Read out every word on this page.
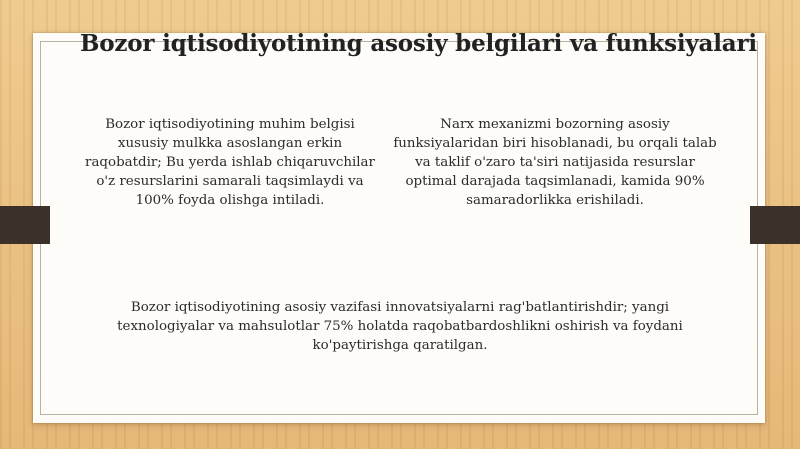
Bozor iqtisodiyotining asosiy belgilari va funksiyalari

Bozor iqtisodiyotining muhim belgisi xususiy mulkka asoslangan erkin raqobatdir; Bu yerda ishlab chiqaruvchilar o'z resurslarini samarali taqsimlaydi va 100% foyda olishga intiladi.

Narx mexanizmi bozorning asosiy funksiyalaridan biri hisoblanadi, bu orqali talab va taklif o'zaro ta'siri natijasida resurslar optimal darajada taqsimlanadi, kamida 90% samaradorlikka erishiladi.

Bozor iqtisodiyotining asosiy vazifasi innovatsiyalarni rag'batlantirishdir; yangi texnologiyalar va mahsulotlar 75% holatda raqobatbardoshlikni oshirish va foydani ko'paytirishga qaratilgan.
